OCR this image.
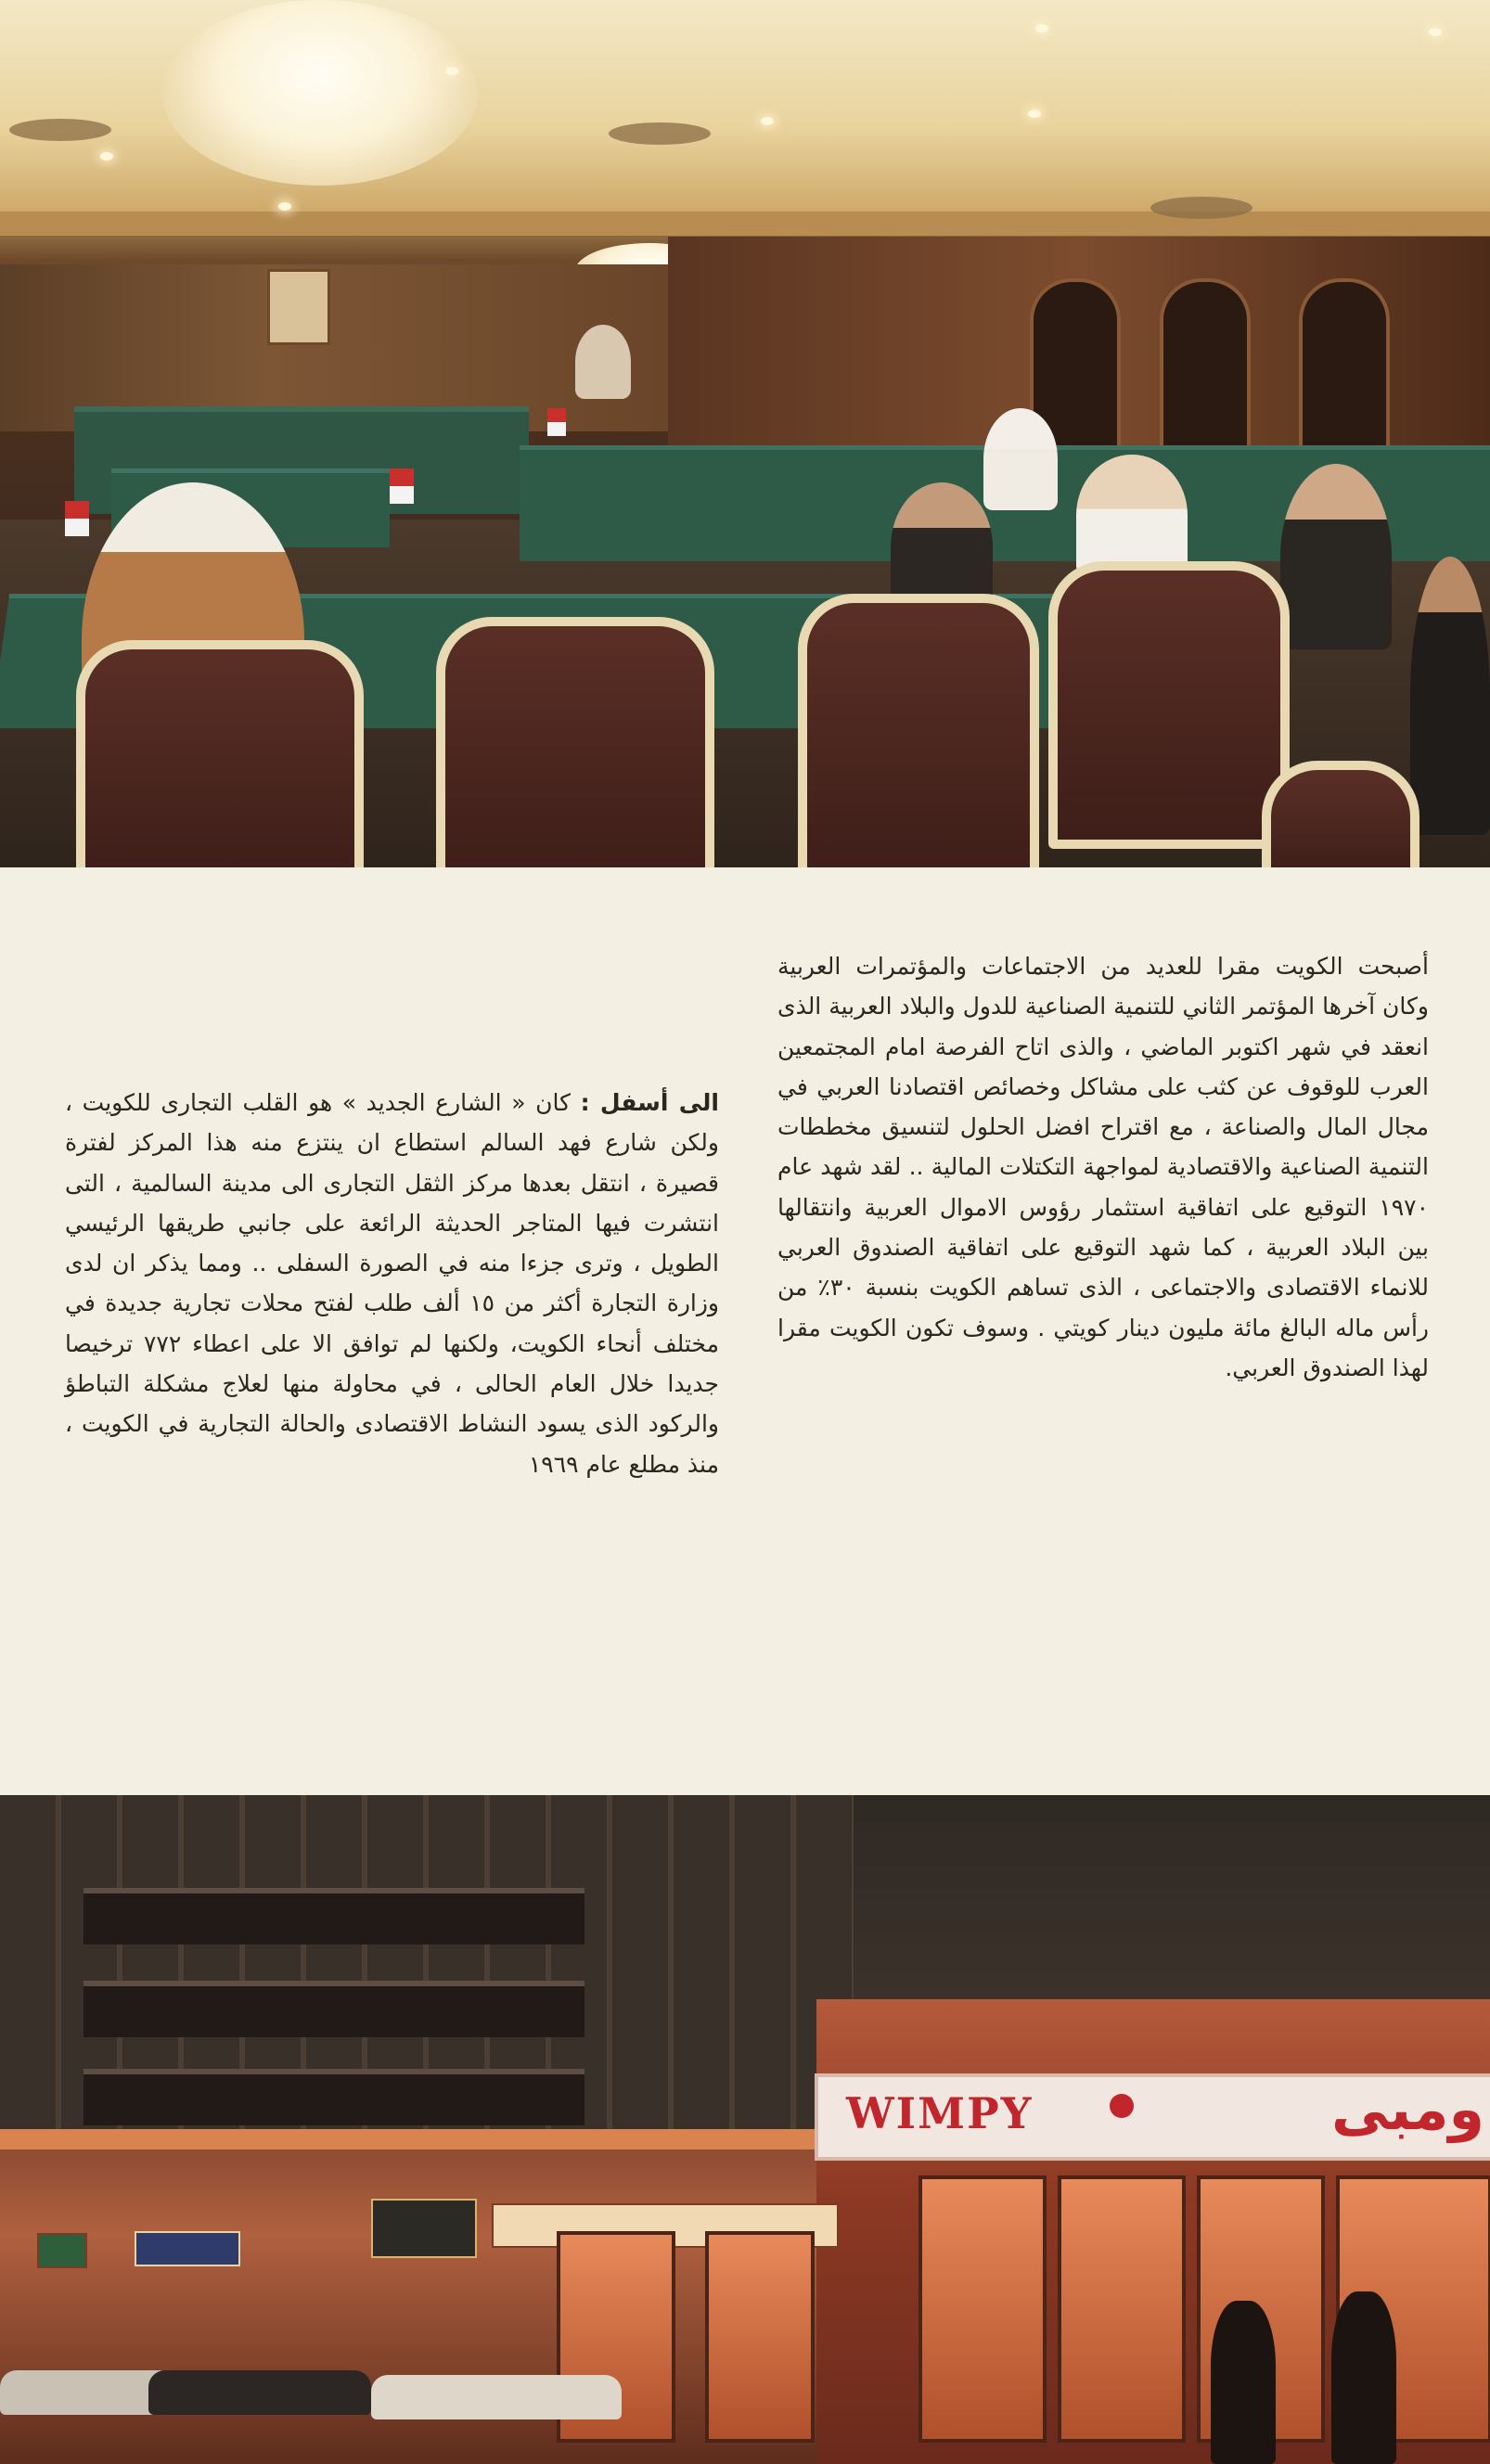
أصبحت الكويت مقرا للعديد من الاجتماعات والمؤتمرات العربية وكان آخرها المؤتمر الثاني للتنمية الصناعية للدول والبلاد العربية الذى انعقد في شهر اكتوبر الماضي ، والذى اتاح الفرصة امام المجتمعين العرب للوقوف عن كثب على مشاكل وخصائص اقتصادنا العربي في مجال المال والصناعة ، مع اقتراح افضل الحلول لتنسيق مخططات التنمية الصناعية والاقتصادية لمواجهة التكتلات المالية .. لقد شهد عام ١٩٧٠ التوقيع على اتفاقية استثمار رؤوس الاموال العربية وانتقالها بين البلاد العربية ، كما شهد التوقيع على اتفاقية الصندوق العربي للانماء الاقتصادى والاجتماعى ، الذى تساهم الكويت بنسبة ٣٠٪ من رأس ماله البالغ مائة مليون دينار كويتي . وسوف تكون الكويت مقرا لهذا الصندوق العربي.

الى أسفل : كان « الشارع الجديد » هو القلب التجارى للكويت ، ولكن شارع فهد السالم استطاع ان ينتزع منه هذا المركز لفترة قصيرة ، انتقل بعدها مركز الثقل التجارى الى مدينة السالمية ، التى انتشرت فيها المتاجر الحديثة الرائعة على جانبي طريقها الرئيسي الطويل ، وترى جزءا منه في الصورة السفلى .. ومما يذكر ان لدى وزارة التجارة أكثر من ١٥ ألف طلب لفتح محلات تجارية جديدة في مختلف أنحاء الكويت، ولكنها لم توافق الا على اعطاء ٧٧٢ ترخيصا جديدا خلال العام الحالى ، في محاولة منها لعلاج مشكلة التباطؤ والركود الذى يسود النشاط الاقتصادى والحالة التجارية في الكويت ، منذ مطلع عام ١٩٦٩

WIMPY	ومبى
